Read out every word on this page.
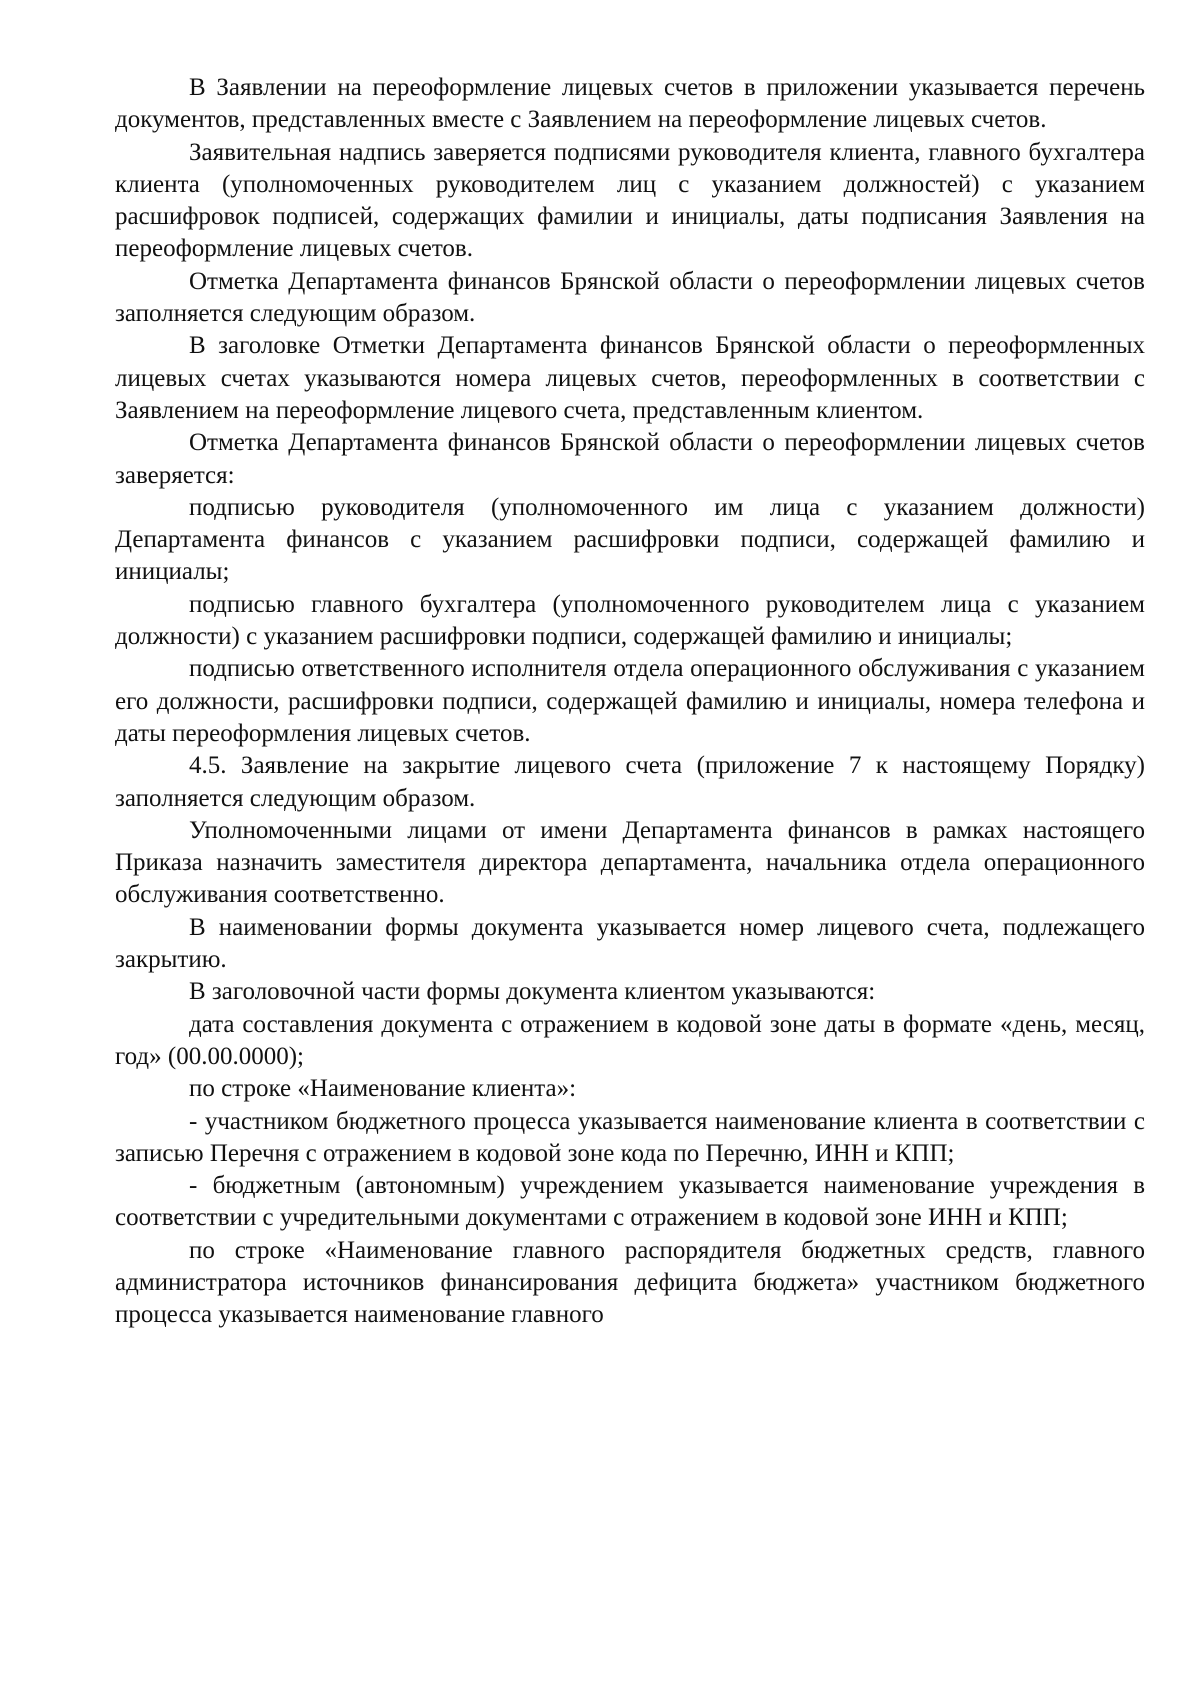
В Заявлении на переоформление лицевых счетов в приложении указывается перечень документов, представленных вместе с Заявлением на переоформление лицевых счетов.

Заявительная надпись заверяется подписями руководителя клиента, главного бухгалтера клиента (уполномоченных руководителем лиц с указанием должностей) с указанием расшифровок подписей, содержащих фамилии и инициалы, даты подписания Заявления на переоформление лицевых счетов.

Отметка Департамента финансов Брянской области о переоформлении лицевых счетов заполняется следующим образом.

В заголовке Отметки Департамента финансов Брянской области о переоформленных лицевых счетах указываются номера лицевых счетов, переоформленных в соответствии с Заявлением на переоформление лицевого счета, представленным клиентом.

Отметка Департамента финансов Брянской области о переоформлении лицевых счетов заверяется:

подписью руководителя (уполномоченного им лица с указанием должности) Департамента финансов с указанием расшифровки подписи, содержащей фамилию и инициалы;

подписью главного бухгалтера (уполномоченного руководителем лица с указанием должности) с указанием расшифровки подписи, содержащей фамилию и инициалы;

подписью ответственного исполнителя отдела операционного обслуживания с указанием его должности, расшифровки подписи, содержащей фамилию и инициалы, номера телефона и даты переоформления лицевых счетов.

4.5. Заявление на закрытие лицевого счета (приложение 7 к настоящему Порядку) заполняется следующим образом.

Уполномоченными лицами от имени Департамента финансов в рамках настоящего Приказа назначить заместителя директора департамента, начальника отдела операционного обслуживания соответственно.

В наименовании формы документа указывается номер лицевого счета, подлежащего закрытию.

В заголовочной части формы документа клиентом указываются:

дата составления документа с отражением в кодовой зоне даты в формате «день, месяц, год» (00.00.0000);

по строке «Наименование клиента»:

- участником бюджетного процесса указывается наименование клиента в соответствии с записью Перечня с отражением в кодовой зоне кода по Перечню, ИНН и КПП;

- бюджетным (автономным) учреждением указывается наименование учреждения в соответствии с учредительными документами с отражением в кодовой зоне ИНН и КПП;

по строке «Наименование главного распорядителя бюджетных средств, главного администратора источников финансирования дефицита бюджета» участником бюджетного процесса указывается наименование главного
